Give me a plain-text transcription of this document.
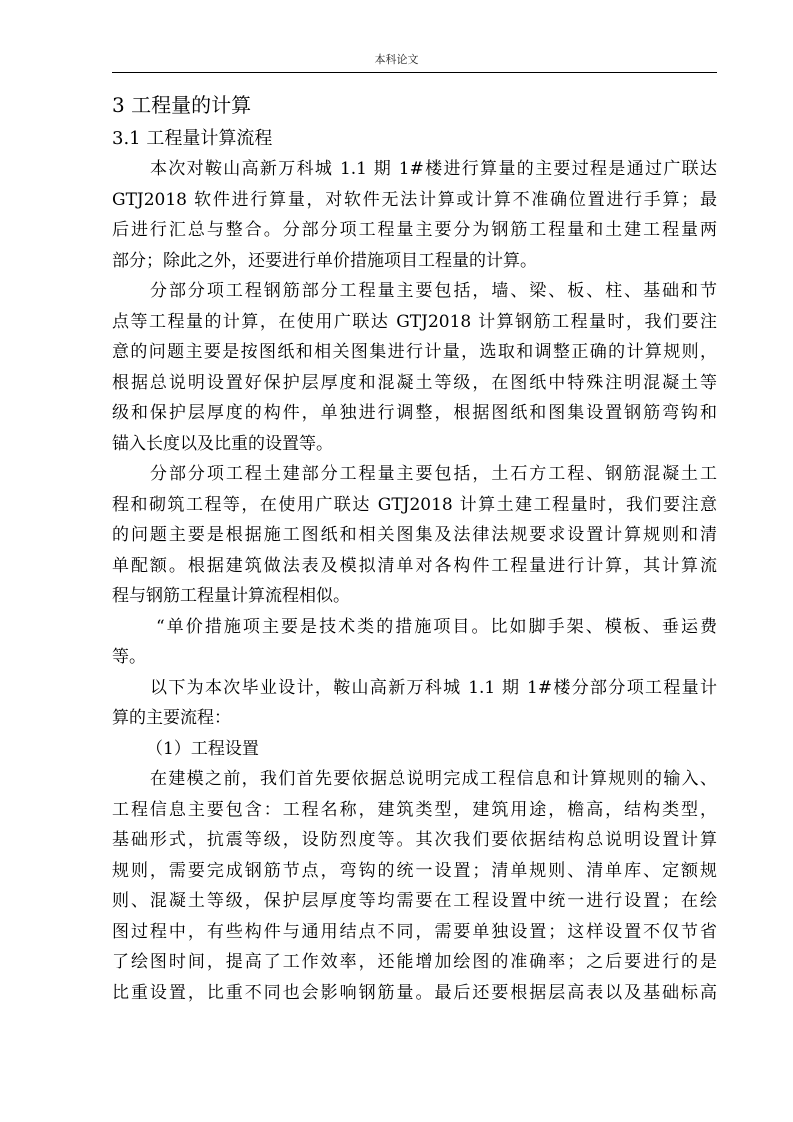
本科论文
3 工程量的计算
3.1 工程量计算流程
本次对鞍山高新万科城 1.1 期 1#楼进行算量的主要过程是通过广联达
GTJ2018 软件进行算量，对软件无法计算或计算不准确位置进行手算；最
后进行汇总与整合。分部分项工程量主要分为钢筋工程量和土建工程量两
部分；除此之外，还要进行单价措施项目工程量的计算。
分部分项工程钢筋部分工程量主要包括，墙、梁、板、柱、基础和节
点等工程量的计算，在使用广联达 GTJ2018 计算钢筋工程量时，我们要注
意的问题主要是按图纸和相关图集进行计量，选取和调整正确的计算规则，
根据总说明设置好保护层厚度和混凝土等级，在图纸中特殊注明混凝土等
级和保护层厚度的构件，单独进行调整，根据图纸和图集设置钢筋弯钩和
锚入长度以及比重的设置等。
分部分项工程土建部分工程量主要包括，土石方工程、钢筋混凝土工
程和砌筑工程等，在使用广联达 GTJ2018 计算土建工程量时，我们要注意
的问题主要是根据施工图纸和相关图集及法律法规要求设置计算规则和清
单配额。根据建筑做法表及模拟清单对各构件工程量进行计算，其计算流
程与钢筋工程量计算流程相似。
“单价措施项主要是技术类的措施项目。比如脚手架、模板、垂运费
等。
以下为本次毕业设计，鞍山高新万科城 1.1 期 1#楼分部分项工程量计
算的主要流程：
（1）工程设置
在建模之前，我们首先要依据总说明完成工程信息和计算规则的输入、
工程信息主要包含：工程名称，建筑类型，建筑用途，檐高，结构类型，
基础形式，抗震等级，设防烈度等。其次我们要依据结构总说明设置计算
规则，需要完成钢筋节点，弯钩的统一设置；清单规则、清单库、定额规
则、混凝土等级，保护层厚度等均需要在工程设置中统一进行设置；在绘
图过程中，有些构件与通用结点不同，需要单独设置；这样设置不仅节省
了绘图时间，提高了工作效率，还能增加绘图的准确率；之后要进行的是
比重设置，比重不同也会影响钢筋量。最后还要根据层高表以及基础标高
